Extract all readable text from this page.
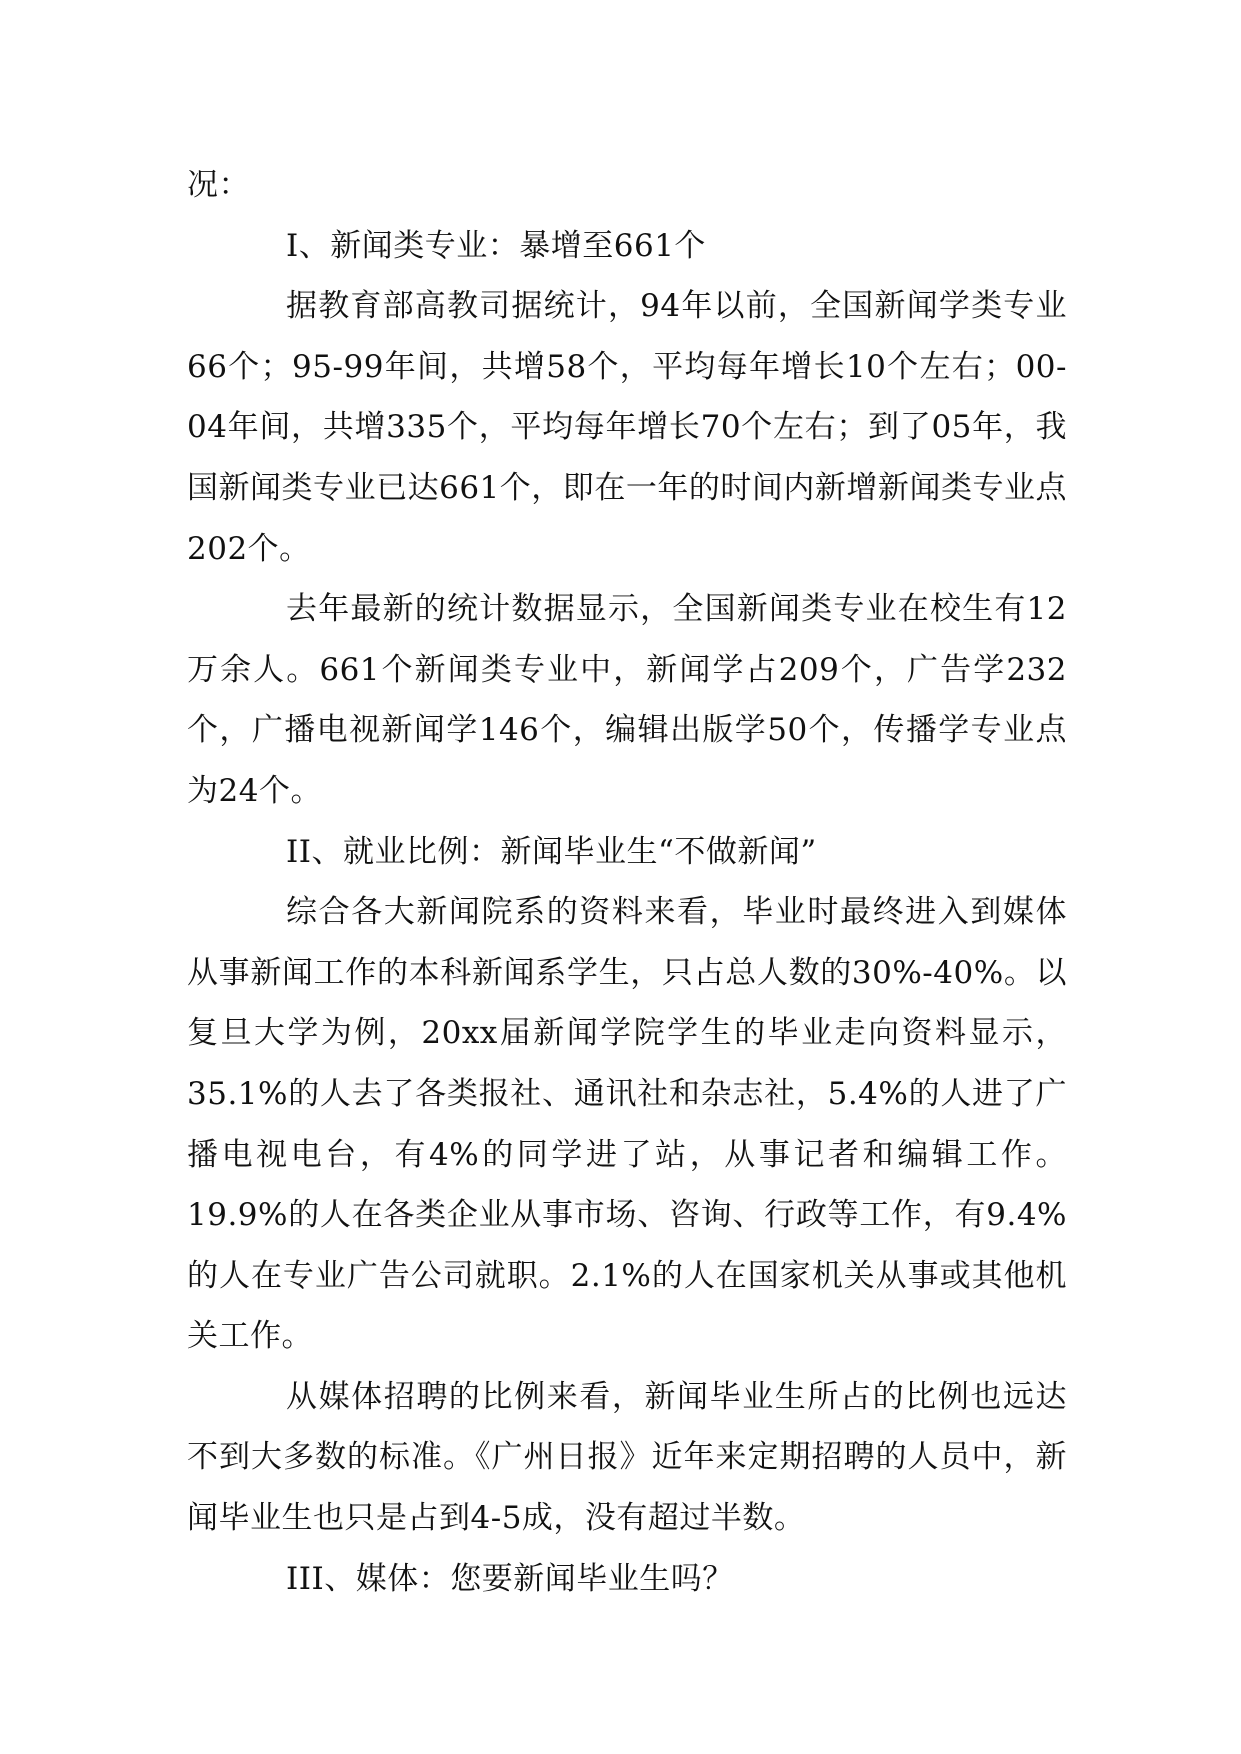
况：

I、新闻类专业：暴增至661个

据教育部高教司据统计，94年以前，全国新闻学类专业66个；95-99年间，共增58个，平均每年增长10个左右；00-04年间，共增335个，平均每年增长70个左右；到了05年，我国新闻类专业已达661个，即在一年的时间内新增新闻类专业点202个。

去年最新的统计数据显示，全国新闻类专业在校生有12万余人。661个新闻类专业中，新闻学占209个，广告学232个，广播电视新闻学146个，编辑出版学50个，传播学专业点为24个。

II、就业比例：新闻毕业生“不做新闻”

综合各大新闻院系的资料来看，毕业时最终进入到媒体从事新闻工作的本科新闻系学生，只占总人数的30%-40%。以复旦大学为例，20xx届新闻学院学生的毕业走向资料显示，35.1%的人去了各类报社、通讯社和杂志社，5.4%的人进了广播电视电台，有4%的同学进了站，从事记者和编辑工作。19.9%的人在各类企业从事市场、咨询、行政等工作，有9.4%的人在专业广告公司就职。2.1%的人在国家机关从事或其他机关工作。

从媒体招聘的比例来看，新闻毕业生所占的比例也远达不到大多数的标准。《广州日报》近年来定期招聘的人员中，新闻毕业生也只是占到4-5成，没有超过半数。

III、媒体：您要新闻毕业生吗？
